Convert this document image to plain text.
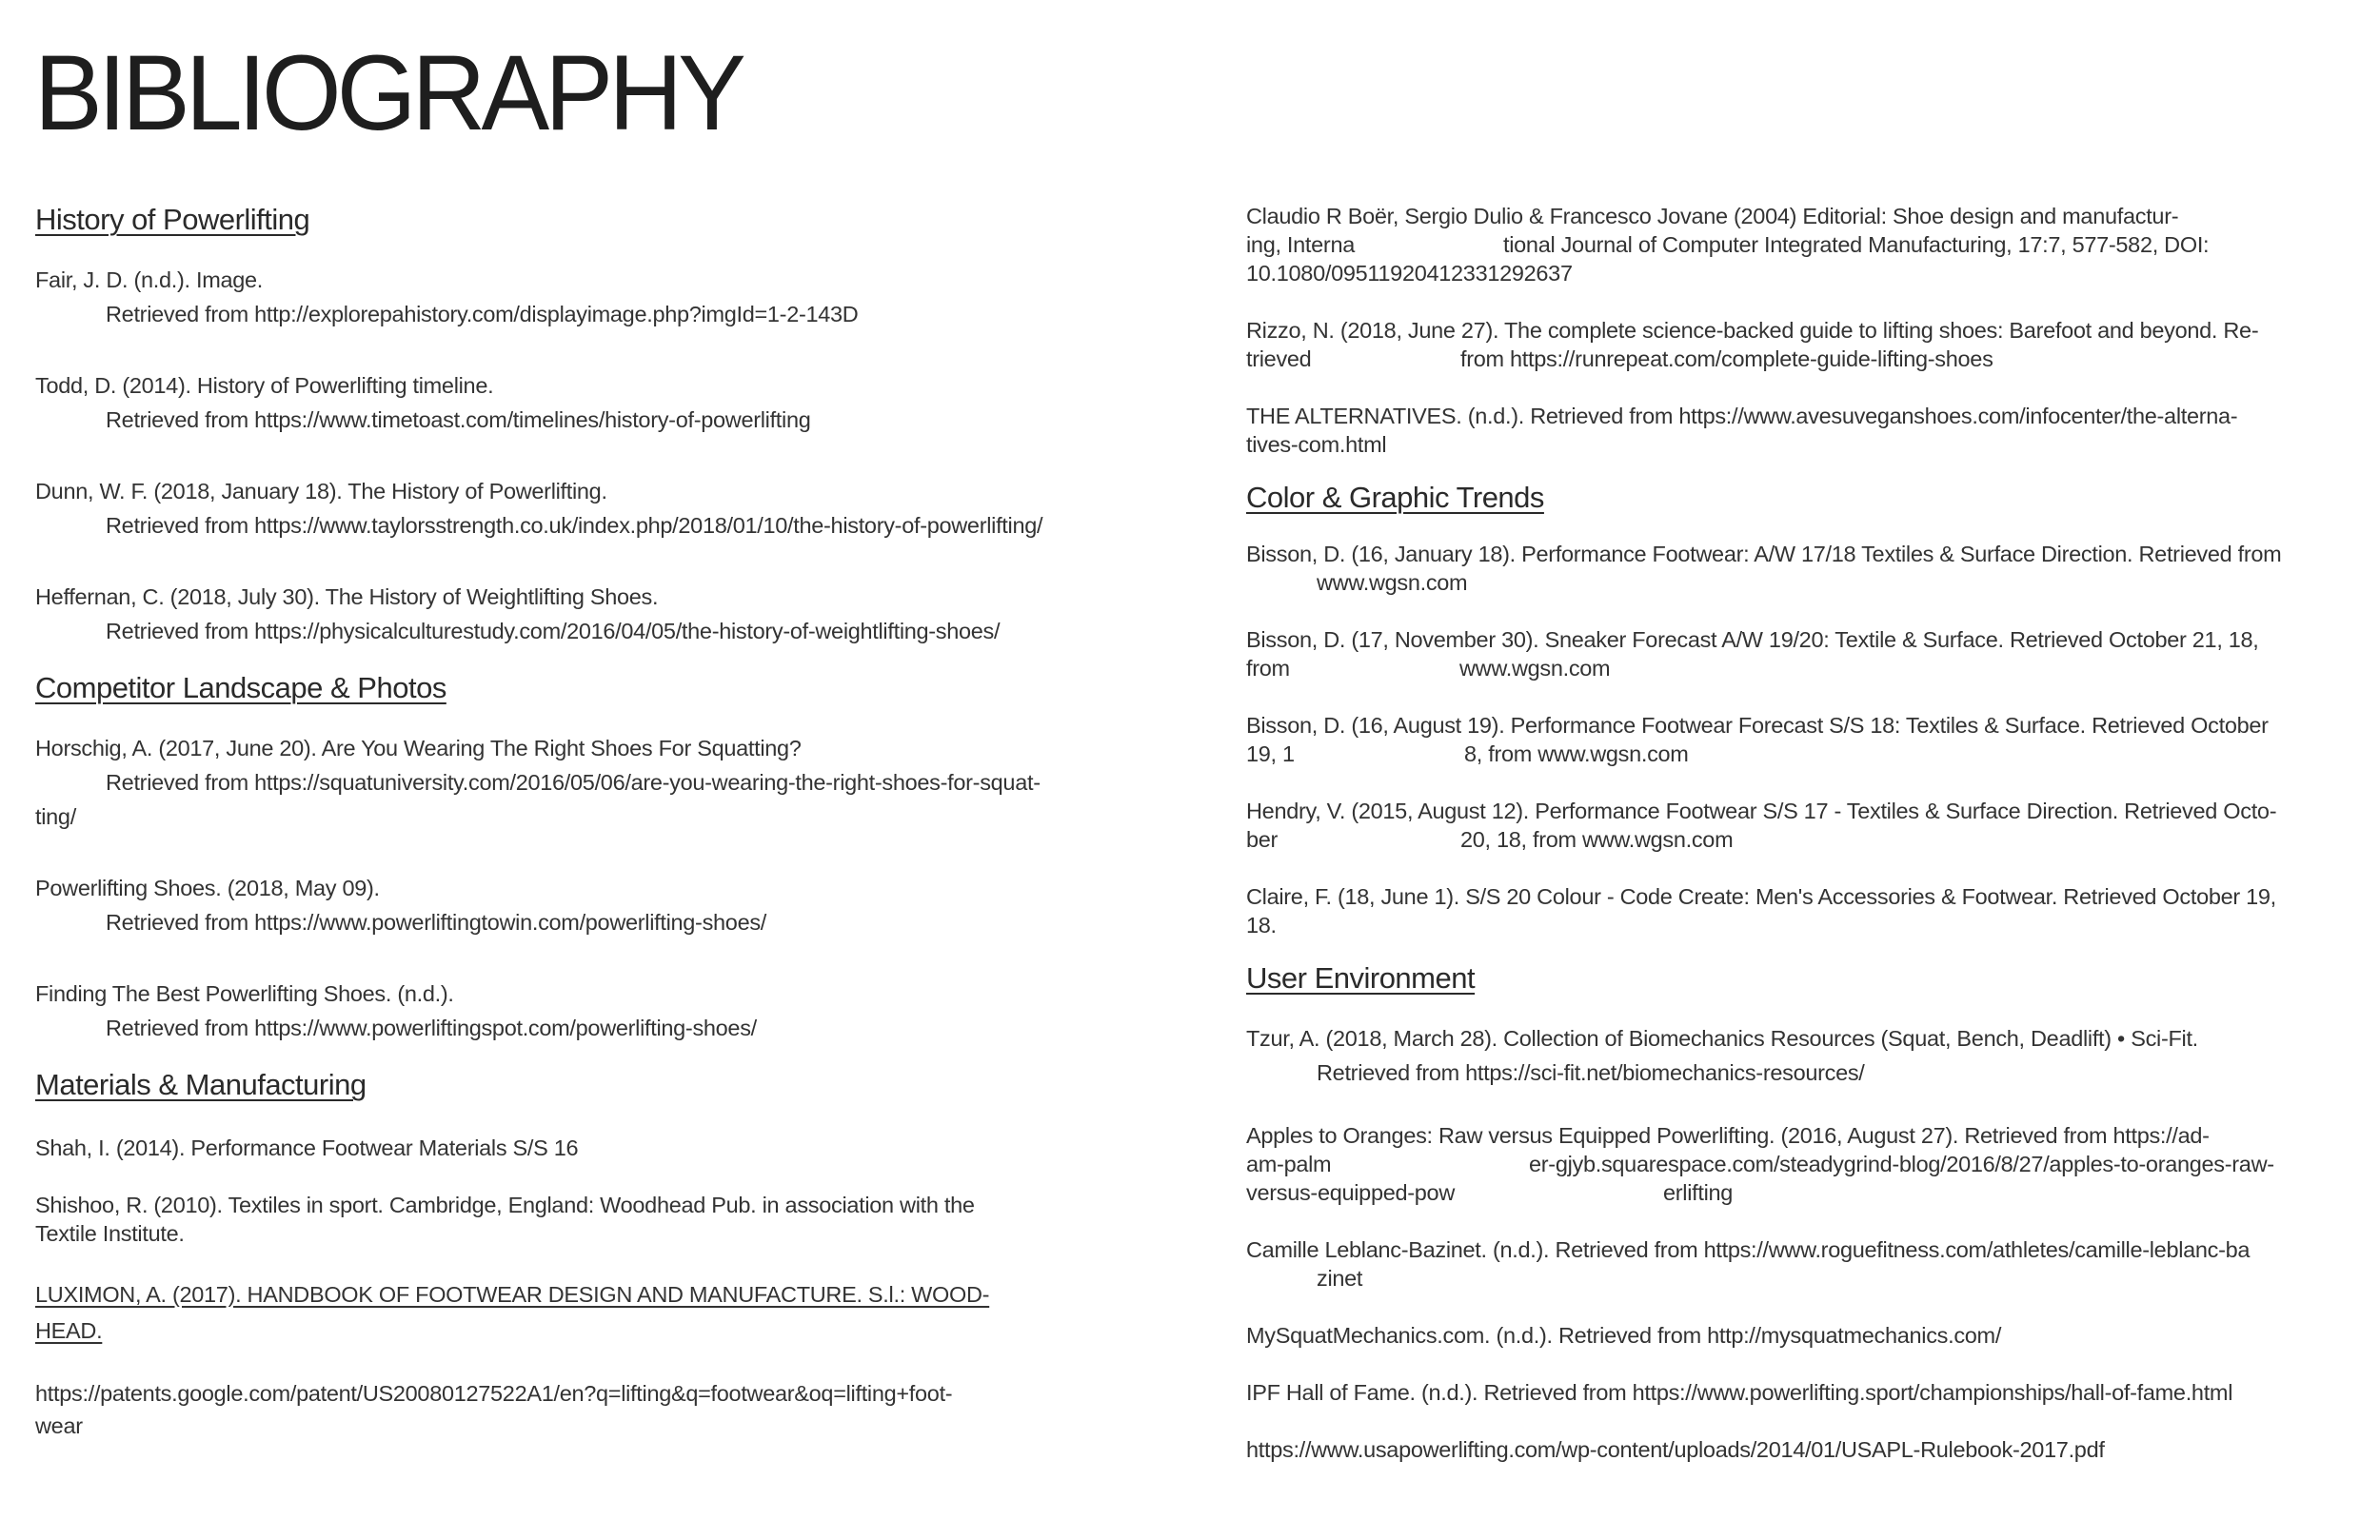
BIBLIOGRAPHY
History of Powerlifting
Fair, J. D. (n.d.). Image.
Retrieved from http://explorepahistory.com/displayimage.php?imgId=1-2-143D
Todd, D. (2014). History of Powerlifting timeline.
Retrieved from https://www.timetoast.com/timelines/history-of-powerlifting
Dunn, W. F. (2018, January 18). The History of Powerlifting.
Retrieved from https://www.taylorsstrength.co.uk/index.php/2018/01/10/the-history-of-powerlifting/
Heffernan, C. (2018, July 30). The History of Weightlifting Shoes.
Retrieved from https://physicalculturestudy.com/2016/04/05/the-history-of-weightlifting-shoes/
Competitor Landscape & Photos
Horschig, A. (2017, June 20). Are You Wearing The Right Shoes For Squatting?
Retrieved from https://squatuniversity.com/2016/05/06/are-you-wearing-the-right-shoes-for-squat-
ting/
Powerlifting Shoes. (2018, May 09).
Retrieved from https://www.powerliftingtowin.com/powerlifting-shoes/
Finding The Best Powerlifting Shoes. (n.d.).
Retrieved from https://www.powerliftingspot.com/powerlifting-shoes/
Materials & Manufacturing
Shah, I. (2014). Performance Footwear Materials S/S 16
Shishoo, R. (2010). Textiles in sport. Cambridge, England: Woodhead Pub. in association with the
Textile Institute.
LUXIMON, A. (2017). HANDBOOK OF FOOTWEAR DESIGN AND MANUFACTURE. S.l.: WOOD-
HEAD.
https://patents.google.com/patent/US20080127522A1/en?q=lifting&q=footwear&oq=lifting+foot-
wear
Claudio R Boër, Sergio Dulio & Francesco Jovane (2004) Editorial: Shoe design and manufactur-
ing, Interna	tional Journal of Computer Integrated Manufacturing, 17:7, 577-582, DOI:
10.1080/09511920412331292637
Rizzo, N. (2018, June 27). The complete science-backed guide to lifting shoes: Barefoot and beyond. Re-
trieved	from https://runrepeat.com/complete-guide-lifting-shoes
THE ALTERNATIVES. (n.d.). Retrieved from https://www.avesuveganshoes.com/infocenter/the-alterna-
tives-com.html
Color & Graphic Trends
Bisson, D. (16, January 18). Performance Footwear: A/W 17/18 Textiles & Surface Direction. Retrieved from
www.wgsn.com
Bisson, D. (17, November 30). Sneaker Forecast A/W 19/20: Textile & Surface. Retrieved October 21, 18,
from	www.wgsn.com
Bisson, D. (16, August 19). Performance Footwear Forecast S/S 18: Textiles & Surface. Retrieved October
19, 1	8, from www.wgsn.com
Hendry, V. (2015, August 12). Performance Footwear S/S 17 - Textiles & Surface Direction. Retrieved Octo-
ber	20, 18, from www.wgsn.com
Claire, F. (18, June 1). S/S 20 Colour - Code Create: Men's Accessories & Footwear. Retrieved October 19,
18.
User Environment
Tzur, A. (2018, March 28). Collection of Biomechanics Resources (Squat, Bench, Deadlift) • Sci-Fit.
Retrieved from https://sci-fit.net/biomechanics-resources/
Apples to Oranges: Raw versus Equipped Powerlifting. (2016, August 27). Retrieved from https://ad-
am-palm	er-gjyb.squarespace.com/steadygrind-blog/2016/8/27/apples-to-oranges-raw-
versus-equipped-pow	erlifting
Camille Leblanc-Bazinet. (n.d.). Retrieved from https://www.roguefitness.com/athletes/camille-leblanc-ba
zinet
MySquatMechanics.com. (n.d.). Retrieved from http://mysquatmechanics.com/
IPF Hall of Fame. (n.d.). Retrieved from https://www.powerlifting.sport/championships/hall-of-fame.html
https://www.usapowerlifting.com/wp-content/uploads/2014/01/USAPL-Rulebook-2017.pdf
